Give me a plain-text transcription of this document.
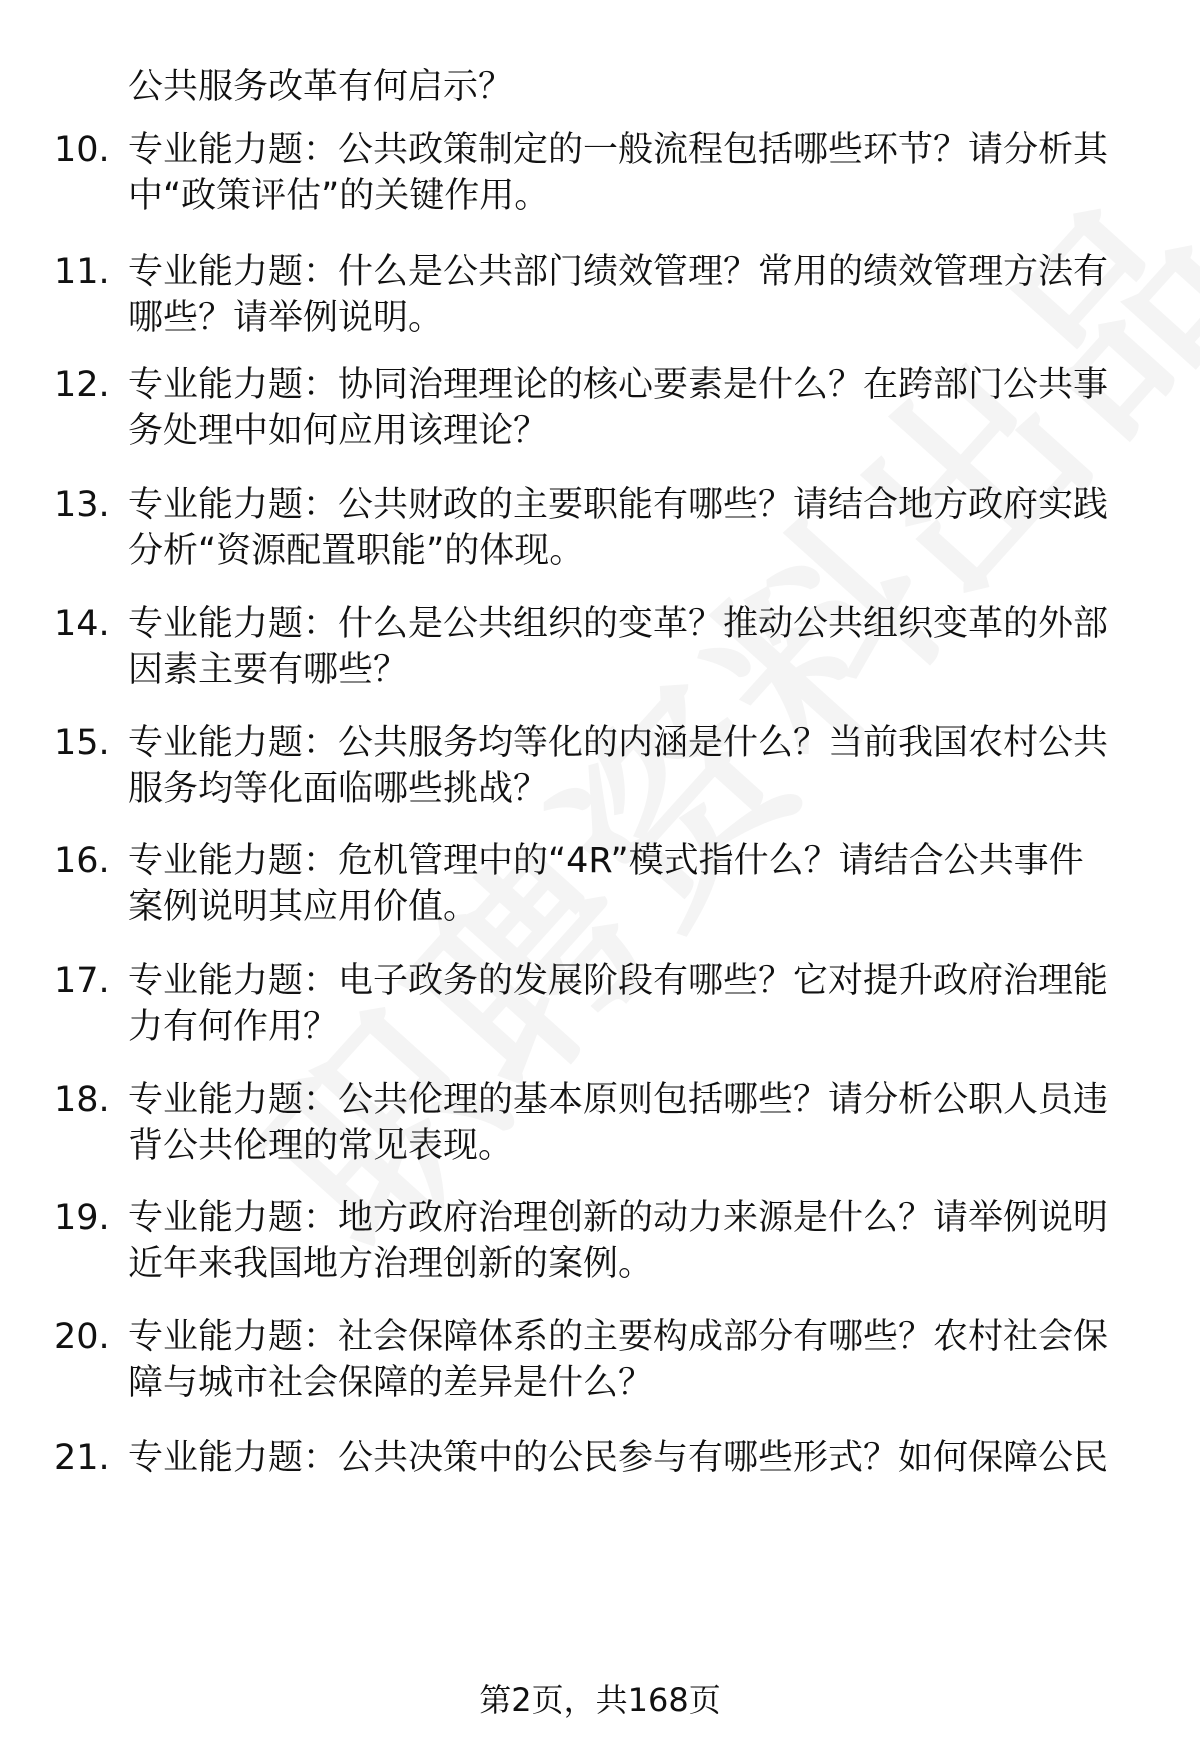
公共服务改革有何启示？
10. 专业能力题：公共政策制定的一般流程包括哪些环节？请分析其
中“政策评估”的关键作用。
11. 专业能力题：什么是公共部门绩效管理？常用的绩效管理方法有
哪些？请举例说明。
12. 专业能力题：协同治理理论的核心要素是什么？在跨部门公共事
务处理中如何应用该理论？
13. 专业能力题：公共财政的主要职能有哪些？请结合地方政府实践
分析“资源配置职能”的体现。
14. 专业能力题：什么是公共组织的变革？推动公共组织变革的外部
因素主要有哪些？
15. 专业能力题：公共服务均等化的内涵是什么？当前我国农村公共
服务均等化面临哪些挑战？
16. 专业能力题：危机管理中的“4R”模式指什么？请结合公共事件
案例说明其应用价值。
17. 专业能力题：电子政务的发展阶段有哪些？它对提升政府治理能
力有何作用？
18. 专业能力题：公共伦理的基本原则包括哪些？请分析公职人员违
背公共伦理的常见表现。
19. 专业能力题：地方政府治理创新的动力来源是什么？请举例说明
近年来我国地方治理创新的案例。
20. 专业能力题：社会保障体系的主要构成部分有哪些？农村社会保
障与城市社会保障的差异是什么？
21. 专业能力题：公共决策中的公民参与有哪些形式？如何保障公民
第2页，共168页
